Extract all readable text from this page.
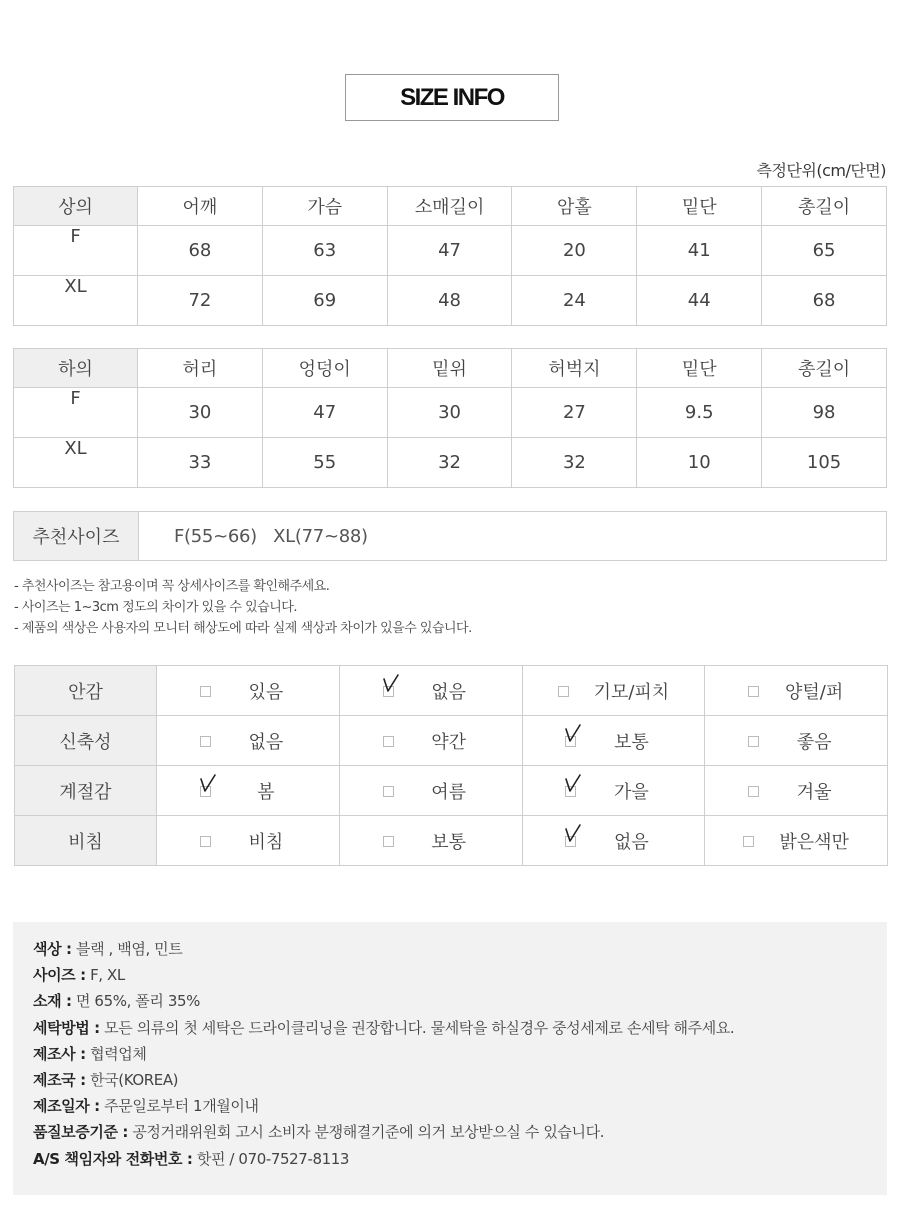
SIZE INFO
측정단위(cm/단면)
상의	어깨	가슴	소매길이	암홀	밑단	총길이
F	68	63	47	20	41	65
XL	72	69	48	24	44	68
하의	허리	엉덩이	밑위	허벅지	밑단	총길이
F	30	47	30	27	9.5	98
XL	33	55	32	32	10	105
추천사이즈	F(55~66)   XL(77~88)
- 추천사이즈는 참고용이며 꼭 상세사이즈를 확인해주세요.
- 사이즈는 1~3cm 정도의 차이가 있을 수 있습니다.
- 제품의 색상은 사용자의 모니터 해상도에 따라 실제 색상과 차이가 있을수 있습니다.
안감	있음	없음	기모/피치	양털/퍼

신축성	없음	약간	보통	좋음

계절감	봄	여름	가을	겨울

비침	비침	보통	없음	밝은색만
색상 : 블랙 , 백염, 민트
사이즈 : F, XL
소재 : 면 65%, 폴리 35%
세탁방법 : 모든 의류의 첫 세탁은 드라이클리닝을 권장합니다. 물세탁을 하실경우 중성세제로 손세탁 해주세요.
제조사 : 협력업체
제조국 : 한국(KOREA)
제조일자 : 주문일로부터 1개월이내
품질보증기준 : 공정거래위원회 고시 소비자 분쟁해결기준에 의거 보상받으실 수 있습니다.
A/S 책임자와 전화번호 : 핫핀 / 070-7527-8113
